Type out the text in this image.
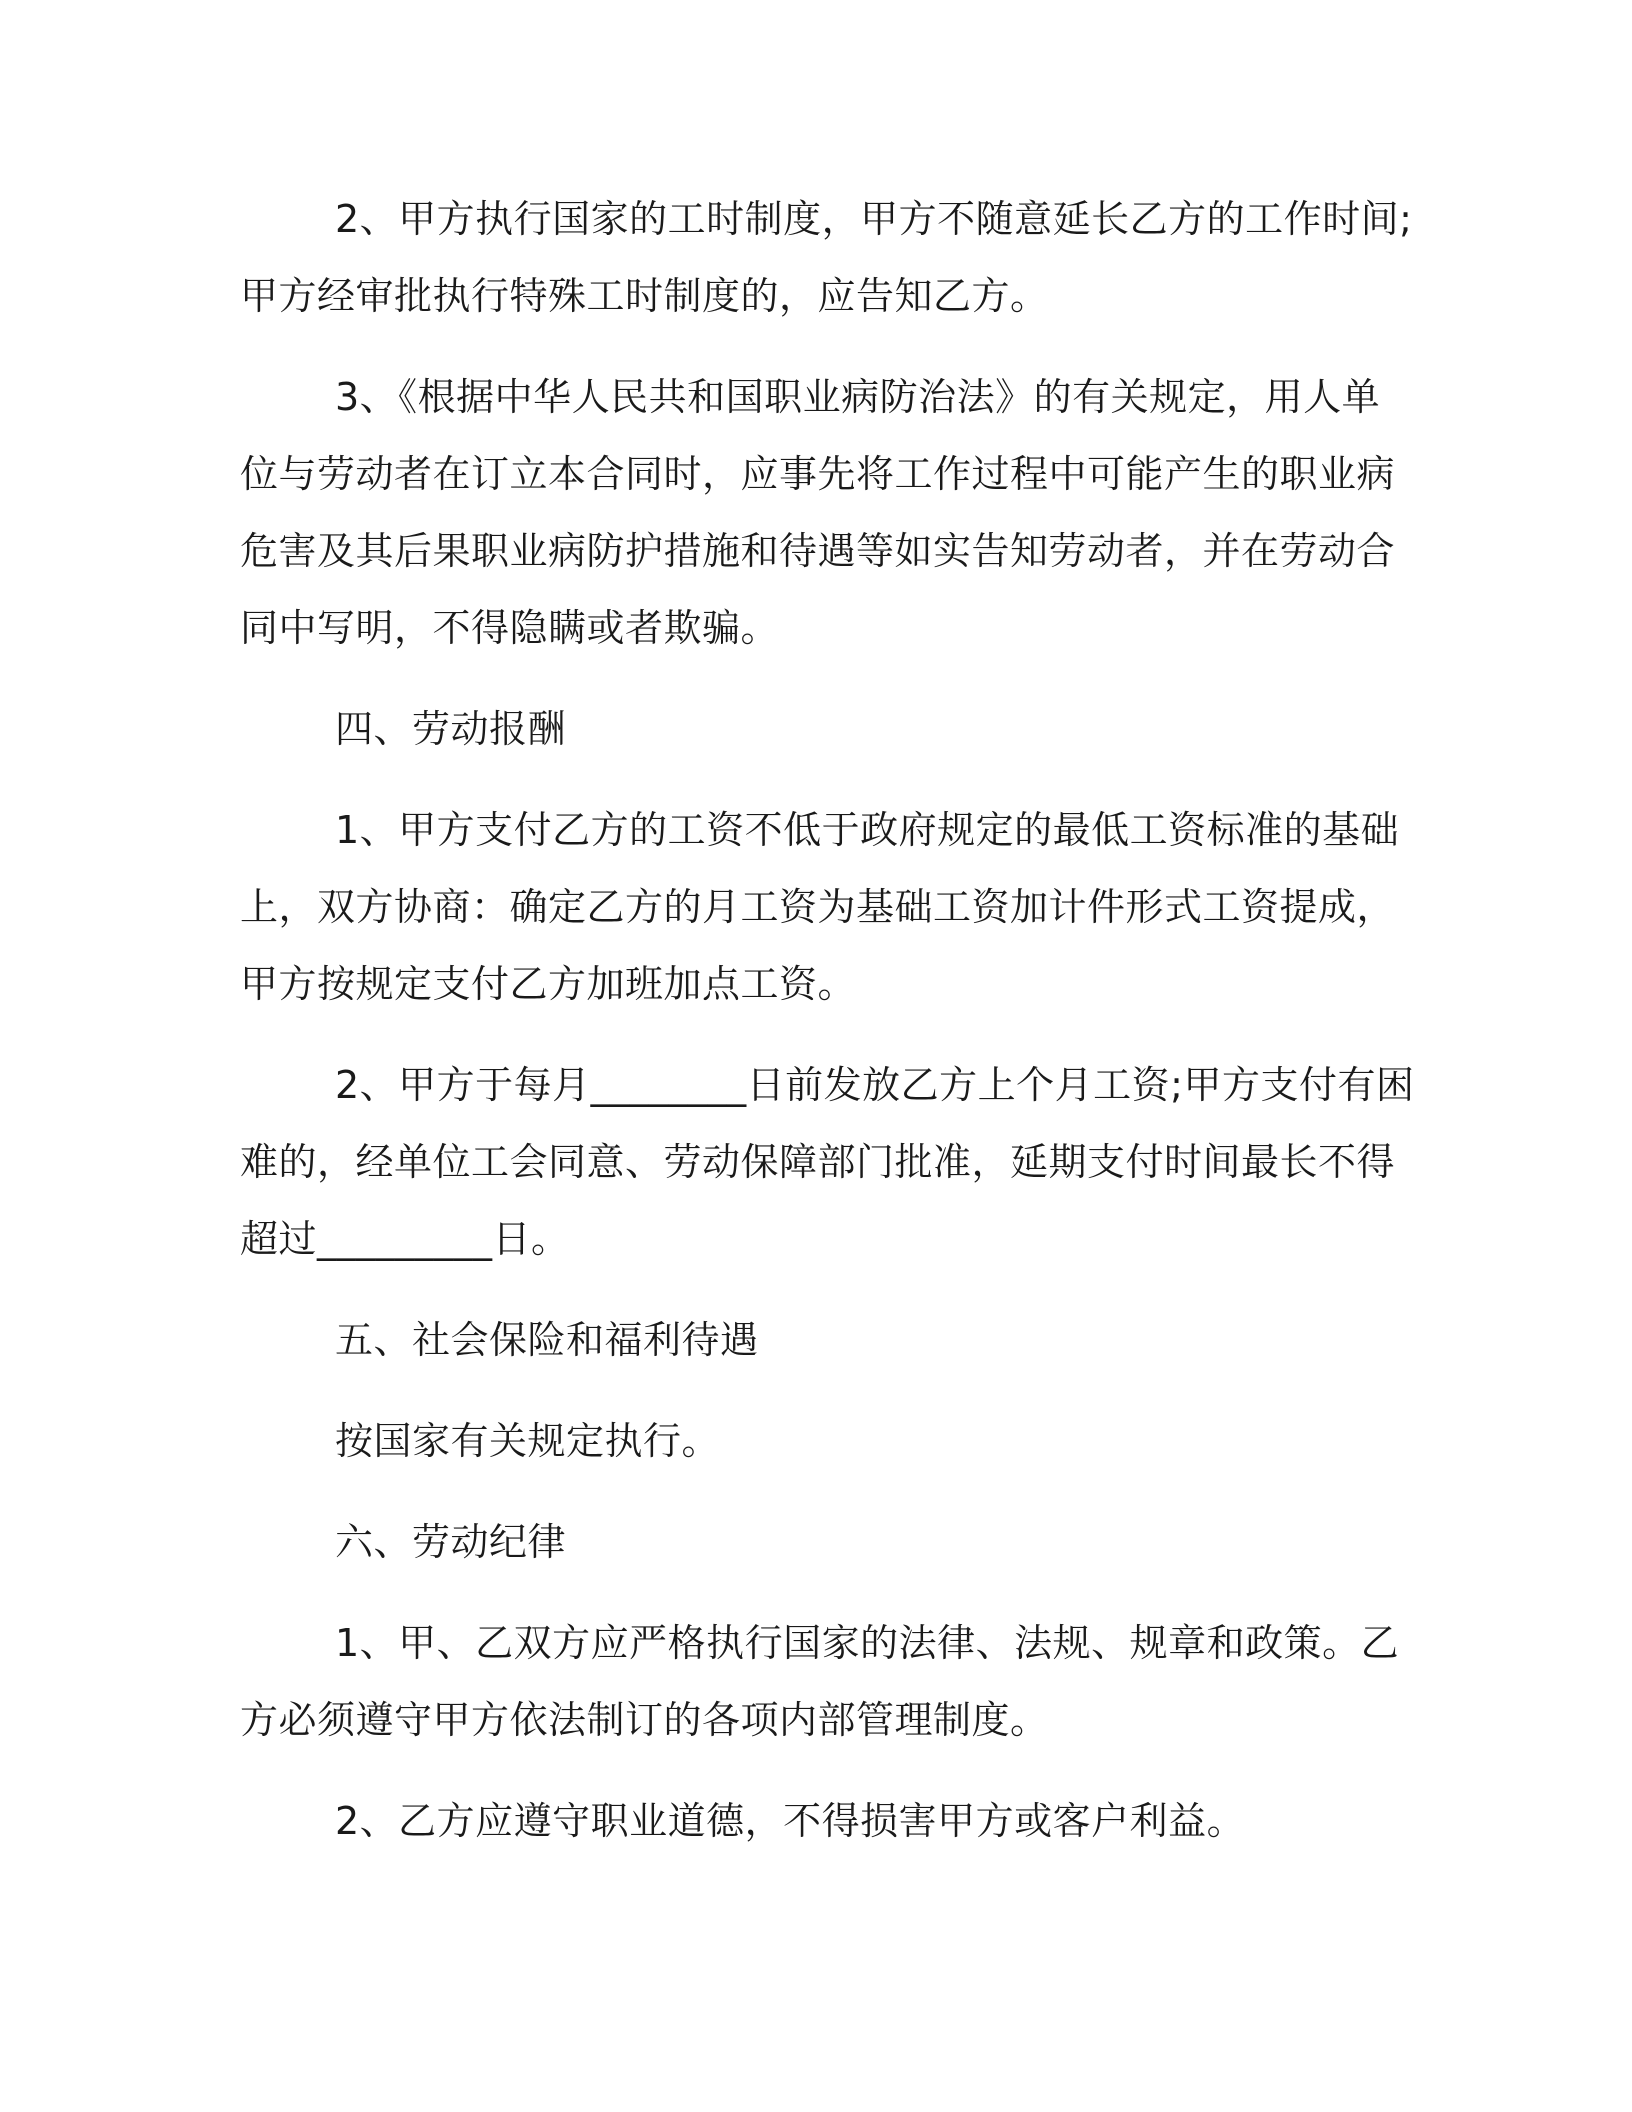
2、甲方执行国家的工时制度，甲方不随意延长乙方的工作时间;
甲方经审批执行特殊工时制度的，应告知乙方。
3、《根据中华人民共和国职业病防治法》的有关规定，用人单
位与劳动者在订立本合同时，应事先将工作过程中可能产生的职业病
危害及其后果职业病防护措施和待遇等如实告知劳动者，并在劳动合
同中写明，不得隐瞒或者欺骗。
四、劳动报酬
1、甲方支付乙方的工资不低于政府规定的最低工资标准的基础
上，双方协商：确定乙方的月工资为基础工资加计件形式工资提成，
甲方按规定支付乙方加班加点工资。
2、甲方于每月________日前发放乙方上个月工资;甲方支付有困
难的，经单位工会同意、劳动保障部门批准，延期支付时间最长不得
超过_________日。
五、社会保险和福利待遇
按国家有关规定执行。
六、劳动纪律
1、甲、乙双方应严格执行国家的法律、法规、规章和政策。乙
方必须遵守甲方依法制订的各项内部管理制度。
2、乙方应遵守职业道德，不得损害甲方或客户利益。
